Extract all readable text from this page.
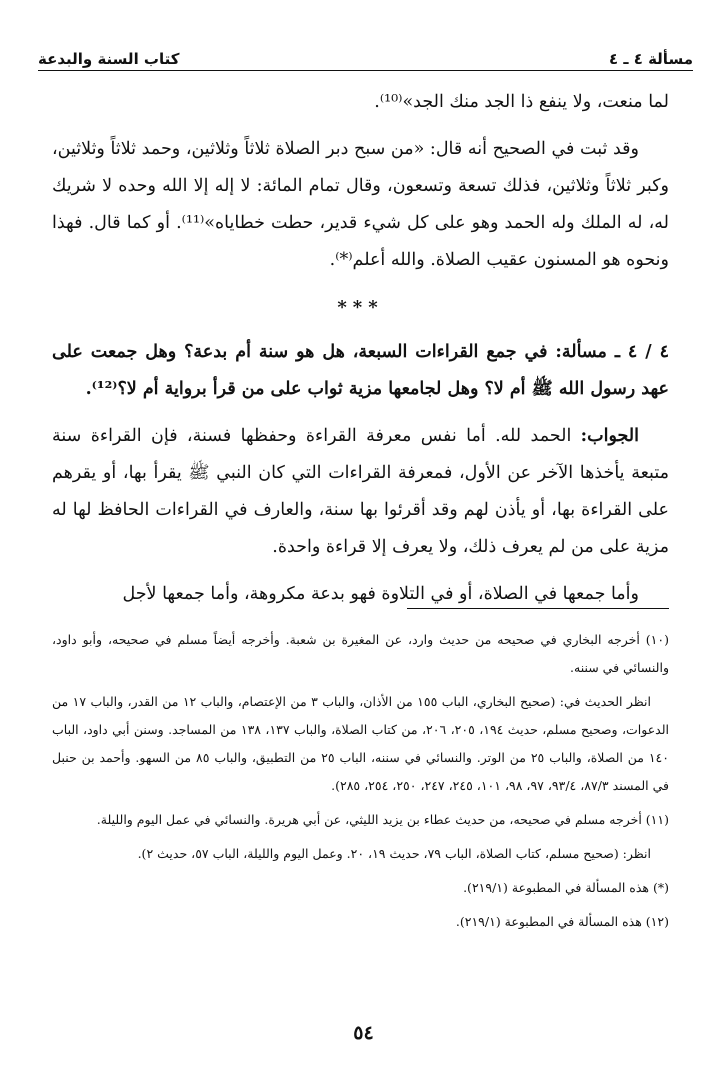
مسألة ٤ ـ ٤
كتاب السنة والبدعة

لما منعت، ولا ينفع ذا الجد منك الجد»⁽¹⁰⁾.

وقد ثبت في الصحيح أنه قال: «من سبح دبر الصلاة ثلاثاً وثلاثين، وحمد ثلاثاً وثلاثين، وكبر ثلاثاً وثلاثين، فذلك تسعة وتسعون، وقال تمام المائة: لا إله إلا الله وحده لا شريك له، له الملك وله الحمد وهو على كل شيء قدير، حطت خطاياه»⁽¹¹⁾. أو كما قال. فهذا ونحوه هو المسنون عقيب الصلاة. والله أعلم⁽*⁾.

***

٤ / ٤ ـ مسألة: في جمع القراءات السبعة، هل هو سنة أم بدعة؟ وهل جمعت على عهد رسول الله ﷺ أم لا؟ وهل لجامعها مزية ثواب على من قرأ برواية أم لا؟⁽¹²⁾.

الجواب: الحمد لله. أما نفس معرفة القراءة وحفظها فسنة، فإن القراءة سنة متبعة يأخذها الآخر عن الأول، فمعرفة القراءات التي كان النبي ﷺ يقرأ بها، أو يقرهم على القراءة بها، أو يأذن لهم وقد أقرئوا بها سنة، والعارف في القراءات الحافظ لها له مزية على من لم يعرف ذلك، ولا يعرف إلا قراءة واحدة.

وأما جمعها في الصلاة، أو في التلاوة فهو بدعة مكروهة، وأما جمعها لأجل

(١٠) أخرجه البخاري في صحيحه من حديث وارد، عن المغيرة بن شعبة. وأخرجه أيضاً مسلم في صحيحه، وأبو داود، والنسائي في سننه.

انظر الحديث في: (صحيح البخاري، الباب ١٥٥ من الأذان، والباب ٣ من الإعتصام، والباب ١٢ من القدر، والباب ١٧ من الدعوات، وصحيح مسلم، حديث ١٩٤، ٢٠٥، ٢٠٦، من كتاب الصلاة، والباب ١٣٧، ١٣٨ من المساجد. وسنن أبي داود، الباب ١٤٠ من الصلاة، والباب ٢٥ من الوتر. والنسائي في سننه، الباب ٢٥ من التطبيق، والباب ٨٥ من السهو. وأحمد بن حنبل في المسند ٨٧/٣، ٩٣/٤، ٩٧، ٩٨، ١٠١، ٢٤٥، ٢٤٧، ٢٥٠، ٢٥٤، ٢٨٥).

(١١) أخرجه مسلم في صحيحه، من حديث عطاء بن يزيد الليثي، عن أبي هريرة. والنسائي في عمل اليوم والليلة.

انظر: (صحيح مسلم، كتاب الصلاة، الباب ٧٩، حديث ١٩، ٢٠. وعمل اليوم والليلة، الباب ٥٧، حديث ٢).

(*) هذه المسألة في المطبوعة (٢١٩/١).

(١٢) هذه المسألة في المطبوعة (٢١٩/١).

٥٤
